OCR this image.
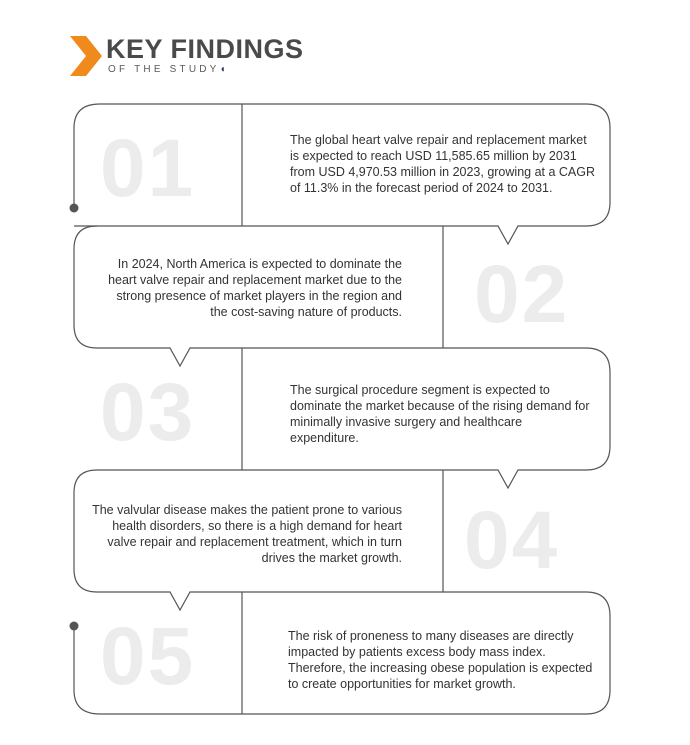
KEY FINDINGS
OF THE STUDY◖
01	The global heart valve repair and replacement market is expected to reach USD 11,585.65 million by 2031 from USD 4,970.53 million in 2023, growing at a CAGR of 11.3% in the forecast period of 2024 to 2031.
02
In 2024, North America is expected to dominate the heart valve repair and replacement market due to the strong presence of market players in the region and the cost-saving nature of products.
03	The surgical procedure segment is expected to dominate the market because of the rising demand for minimally invasive surgery and healthcare expenditure.
04
The valvular disease makes the patient prone to various health disorders, so there is a high demand for heart valve repair and replacement treatment, which in turn drives the market growth.
05	The risk of proneness to many diseases are directly impacted by patients excess body mass index. Therefore, the increasing obese population is expected to create opportunities for market growth.
